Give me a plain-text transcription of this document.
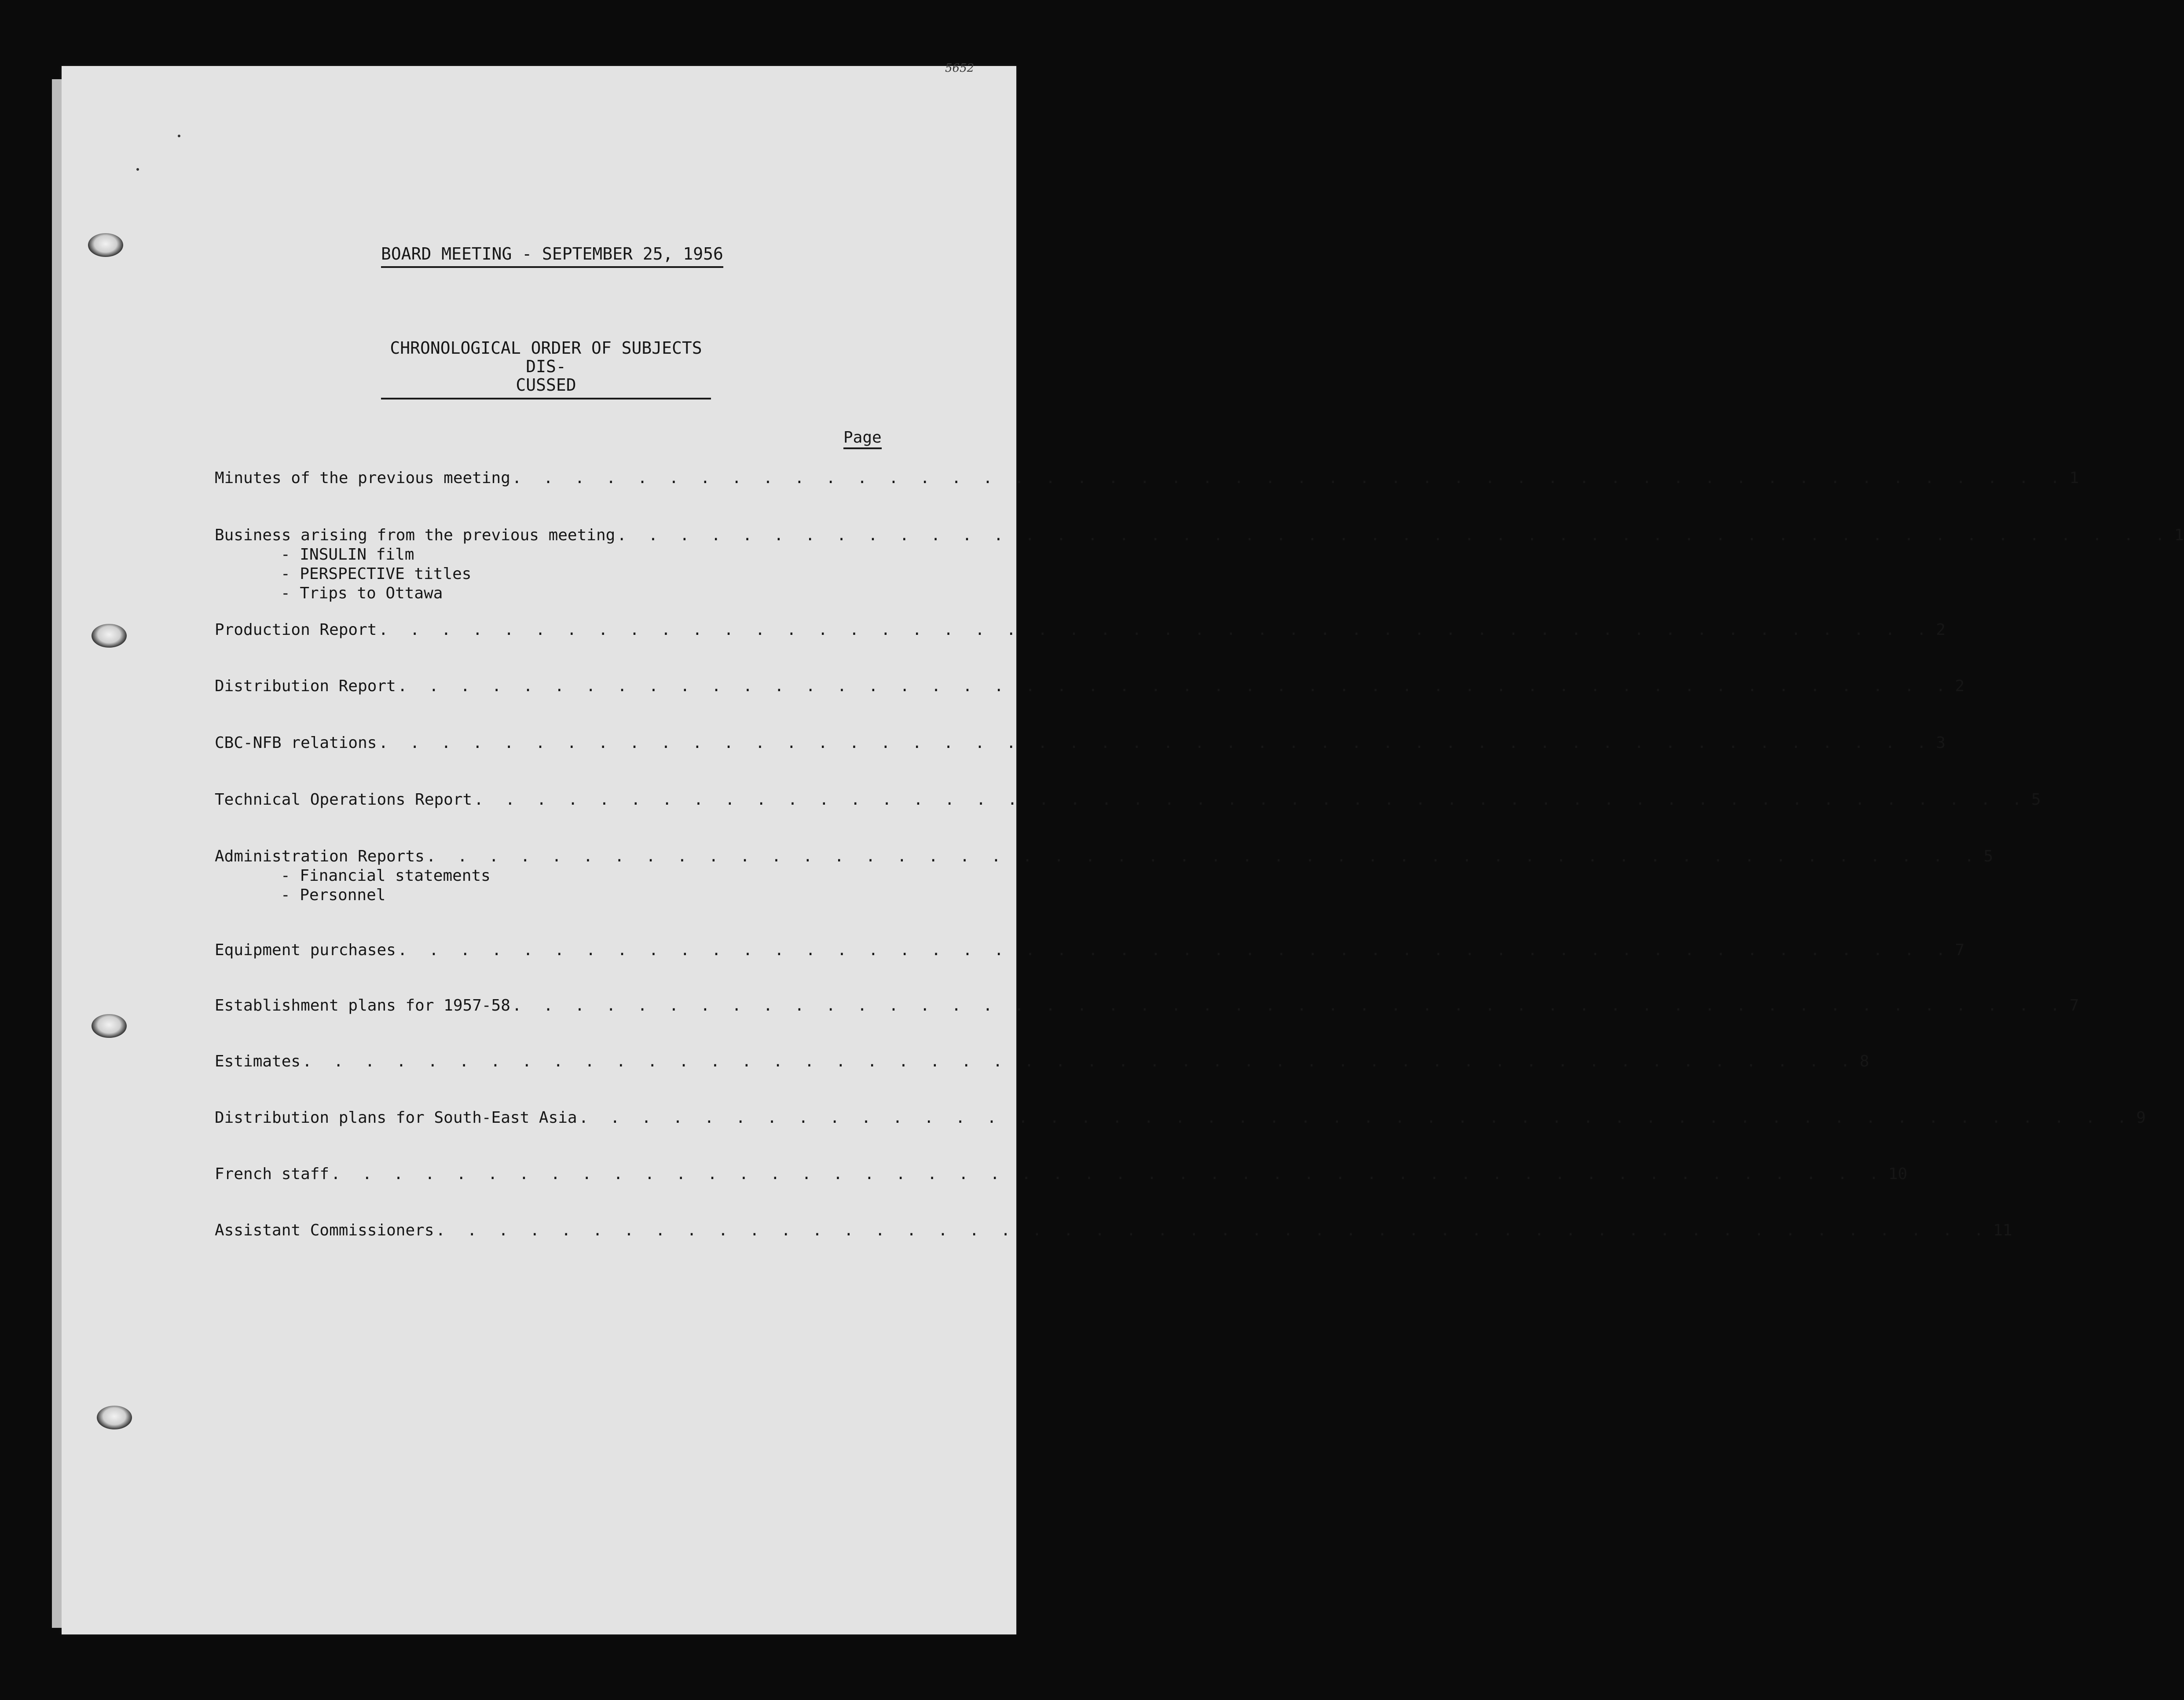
5652
BOARD MEETING - SEPTEMBER 25, 1956
CHRONOLOGICAL ORDER OF SUBJECTS DIS-
CUSSED
Page
Minutes of the previous meeting . . . . . . . . . . . . . . . . . . . . . . . . . . . . . . . . . . . . . . . . . . . . . . . . . . 1
Business arising from the previous meeting . . . . . . . . . . . . . . . . . . . . . . . . . . . . . . . . . . . . . . . . . . . . . . . . . . 1
- INSULIN film
- PERSPECTIVE titles
- Trips to Ottawa
Production Report . . . . . . . . . . . . . . . . . . . . . . . . . . . . . . . . . . . . . . . . . . . . . . . . . . 2
Distribution Report . . . . . . . . . . . . . . . . . . . . . . . . . . . . . . . . . . . . . . . . . . . . . . . . . . 2
CBC-NFB relations . . . . . . . . . . . . . . . . . . . . . . . . . . . . . . . . . . . . . . . . . . . . . . . . . . 3
Technical Operations Report . . . . . . . . . . . . . . . . . . . . . . . . . . . . . . . . . . . . . . . . . . . . . . . . . . 5
Administration Reports . . . . . . . . . . . . . . . . . . . . . . . . . . . . . . . . . . . . . . . . . . . . . . . . . . 5
- Financial statements
- Personnel
Equipment purchases . . . . . . . . . . . . . . . . . . . . . . . . . . . . . . . . . . . . . . . . . . . . . . . . . . 7
Establishment plans for 1957-58 . . . . . . . . . . . . . . . . . . . . . . . . . . . . . . . . . . . . . . . . . . . . . . . . . . 7
Estimates . . . . . . . . . . . . . . . . . . . . . . . . . . . . . . . . . . . . . . . . . . . . . . . . . . 8
Distribution plans for South-East Asia . . . . . . . . . . . . . . . . . . . . . . . . . . . . . . . . . . . . . . . . . . . . . . . . . . 9
French staff . . . . . . . . . . . . . . . . . . . . . . . . . . . . . . . . . . . . . . . . . . . . . . . . . . 10
Assistant Commissioners . . . . . . . . . . . . . . . . . . . . . . . . . . . . . . . . . . . . . . . . . . . . . . . . . . 11
